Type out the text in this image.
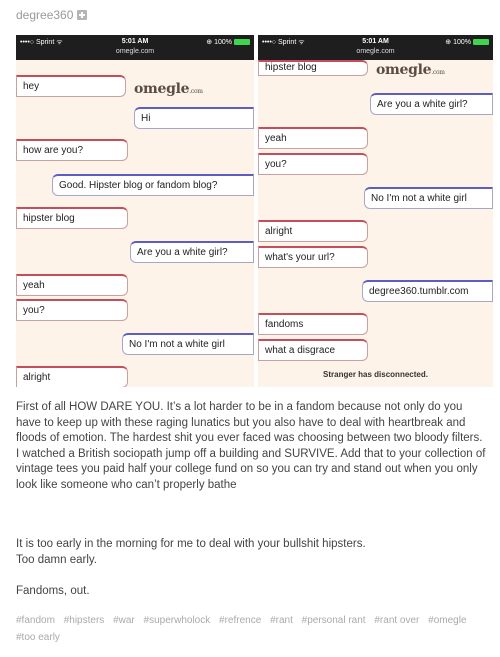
degree360
••••○ Sprint ᯤ	5:01 AM
omegle.com
⊕ 100%
omegle.com
hey
Hi
how are you?
Good. Hipster blog or fandom blog?
hipster blog
Are you a white girl?
yeah
you?
No I'm not a white girl
alright
••••○ Sprint ᯤ	5:01 AM
omegle.com
⊕ 100%
omegle.com
hipster blog
Are you a white girl?
yeah
you?
No I'm not a white girl
alright
what's your url?
degree360.tumblr.com
fandoms
what a disgrace
Stranger has disconnected.

First of all HOW DARE YOU. It’s a lot harder to be in a fandom because not only do you have to keep up with these raging lunatics but you also have to deal with heartbreak and floods of emotion. The hardest shit you ever faced was choosing between two bloody filters. I watched a British sociopath jump off a building and SURVIVE. Add that to your collection of vintage tees you paid half your college fund on so you can try and stand out when you only look like someone who can’t properly bathe

It is too early in the morning for me to deal with your bullshit hipsters.
Too damn early.

Fandoms, out.

#fandom #hipsters #war #superwholock #refrence #rant #personal rant #rant over #omegle #too early
